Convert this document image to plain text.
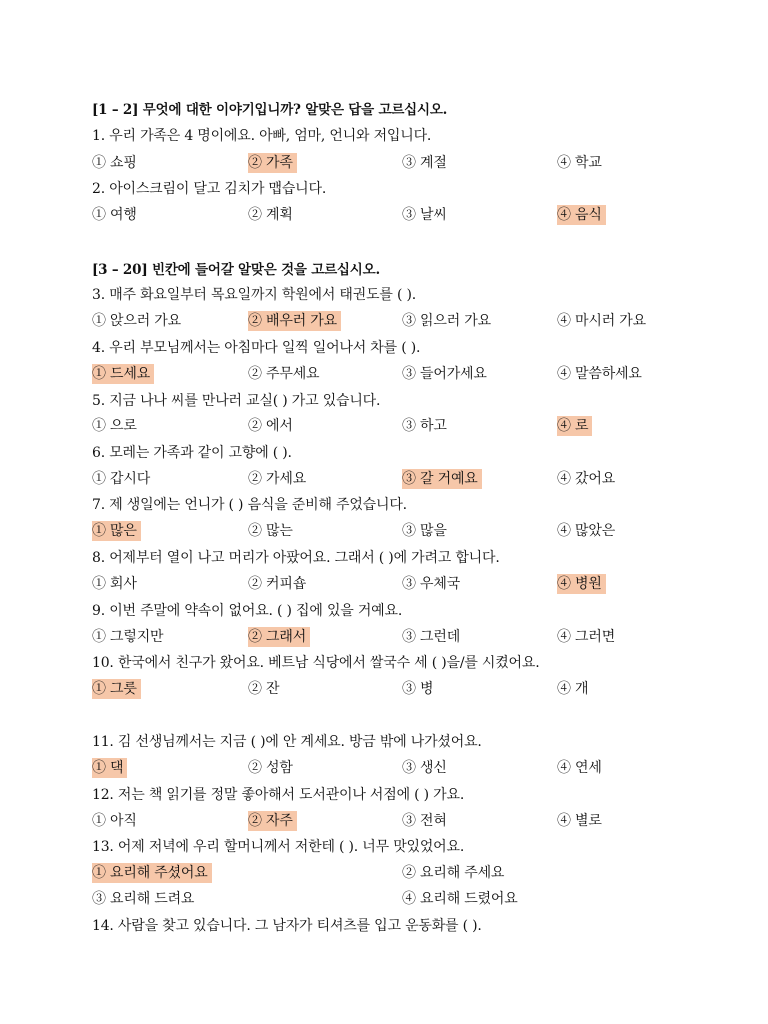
[1 – 2] 무엇에 대한 이야기입니까? 알맞은 답을 고르십시오.
1. 우리 가족은 4 명이에요. 아빠, 엄마, 언니와 저입니다.
① 쇼핑	② 가족	③ 계절	④ 학교
2. 아이스크림이 달고 김치가 맵습니다.
① 여행	② 계획	③ 날씨	④ 음식
[3 – 20] 빈칸에 들어갈 알맞은 것을 고르십시오.
3. 매주 화요일부터 목요일까지 학원에서 태권도를 ( ).
① 앉으러 가요	② 배우러 가요	③ 읽으러 가요	④ 마시러 가요
4. 우리 부모님께서는 아침마다 일찍 일어나서 차를 ( ).
① 드세요	② 주무세요	③ 들어가세요	④ 말씀하세요
5. 지금 나나 씨를 만나러 교실( ) 가고 있습니다.
① 으로	② 에서	③ 하고	④ 로
6. 모레는 가족과 같이 고향에 ( ).
① 갑시다	② 가세요	③ 갈 거예요	④ 갔어요
7. 제 생일에는 언니가 ( ) 음식을 준비해 주었습니다.
① 많은	② 많는	③ 많을	④ 많았은
8. 어제부터 열이 나고 머리가 아팠어요. 그래서 ( )에 가려고 합니다.
① 회사	② 커피숍	③ 우체국	④ 병원
9. 이번 주말에 약속이 없어요. ( ) 집에 있을 거예요.
① 그렇지만	② 그래서	③ 그런데	④ 그러면
10. 한국에서 친구가 왔어요. 베트남 식당에서 쌀국수 세 ( )을/를 시켰어요.
① 그릇	② 잔	③ 병	④ 개
11. 김 선생님께서는 지금 ( )에 안 계세요. 방금 밖에 나가셨어요.
① 댁	② 성함	③ 생신	④ 연세
12. 저는 책 읽기를 정말 좋아해서 도서관이나 서점에 ( ) 가요.
① 아직	② 자주	③ 전혀	④ 별로
13. 어제 저녁에 우리 할머니께서 저한테 ( ). 너무 맛있었어요.
① 요리해 주셨어요	② 요리해 주세요
③ 요리해 드려요	④ 요리해 드렸어요
14. 사람을 찾고 있습니다. 그 남자가 티셔츠를 입고 운동화를 ( ).
